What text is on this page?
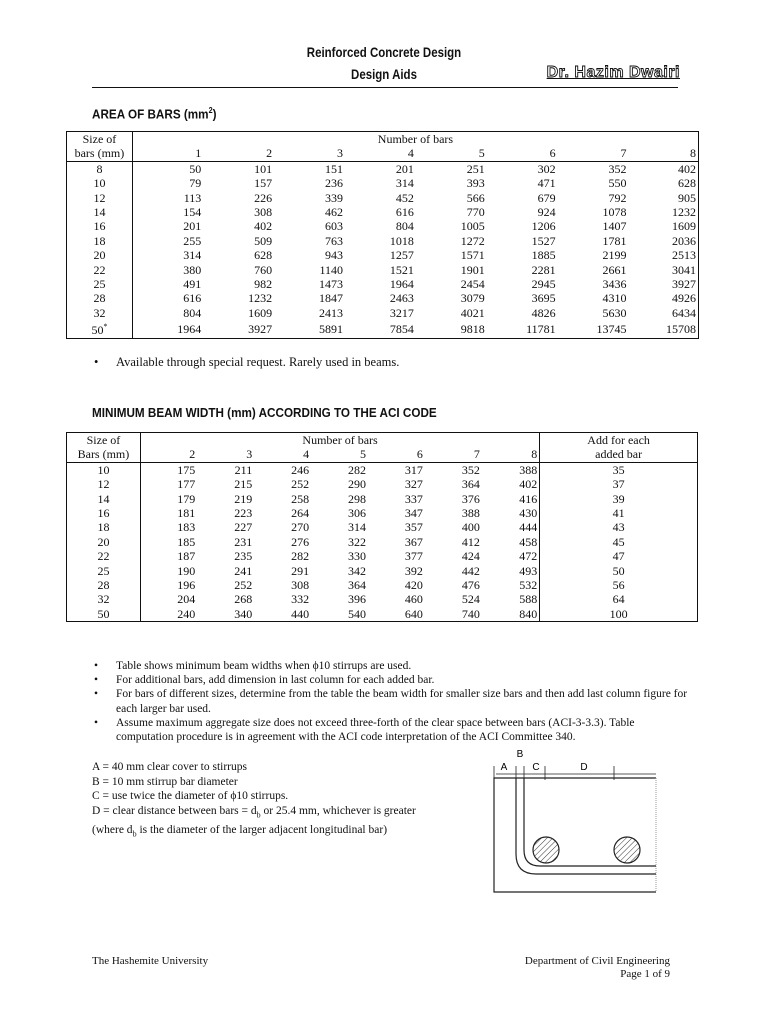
Reinforced Concrete Design
Design Aids	Dr. Hazim Dwairi
AREA OF BARS $(mm^2)$
Size of	Number of bars							
bars (mm)	1	2	3	4	5	6	7	8
8	50	101	151	201	251	302	352	402
10	79	157	236	314	393	471	550	628
12	113	226	339	452	566	679	792	905
14	154	308	462	616	770	924	1078	1232
16	201	402	603	804	1005	1206	1407	1609
18	255	509	763	1018	1272	1527	1781	2036
20	314	628	943	1257	1571	1885	2199	2513
22	380	760	1140	1521	1901	2281	2661	3041
25	491	982	1473	1964	2454	2945	3436	3927
28	616	1232	1847	2463	3079	3695	4310	4926
32	804	1609	2413	3217	4021	4826	5630	6434
50*	1964	3927	5891	7854	9818	11781	13745	15708
• Available through special request. Rarely used in beams.
MINIMUM BEAM WIDTH (mm) ACCORDING TO THE ACI CODE
Size of	Number of bars							Add for each
Bars (mm)	2	3	4	5	6	7	8	added bar
10	175	211	246	282	317	352	388	35
12	177	215	252	290	327	364	402	37
14	179	219	258	298	337	376	416	39
16	181	223	264	306	347	388	430	41
18	183	227	270	314	357	400	444	43
20	185	231	276	322	367	412	458	45
22	187	235	282	330	377	424	472	47
25	190	241	291	342	392	442	493	50
28	196	252	308	364	420	476	532	56
32	204	268	332	396	460	524	588	64
50	240	340	440	540	640	740	840	100
• Table shows minimum beam widths when ϕ10 stirrups are used.
• For additional bars, add dimension in last column for each added bar.
• For bars of different sizes, determine from the table the beam width for smaller size bars and then add last column figure for each larger bar used.
• Assume maximum aggregate size does not exceed three-forth of the clear space between bars (ACI-3-3.3). Table computation procedure is in agreement with the ACI code interpretation of the ACI Committee 340.
A = 40 mm clear cover to stirrups
B = 10 mm stirrup bar diameter
C = use twice the diameter of ϕ10 stirrups.
D = clear distance between bars = $d_b$ or 25.4 mm, whichever is greater
(where $d_b$ is the diameter of the larger adjacent longitudinal bar)
A
B
C	D
The Hashemite University	Department of Civil Engineering
Page 1 of 9
